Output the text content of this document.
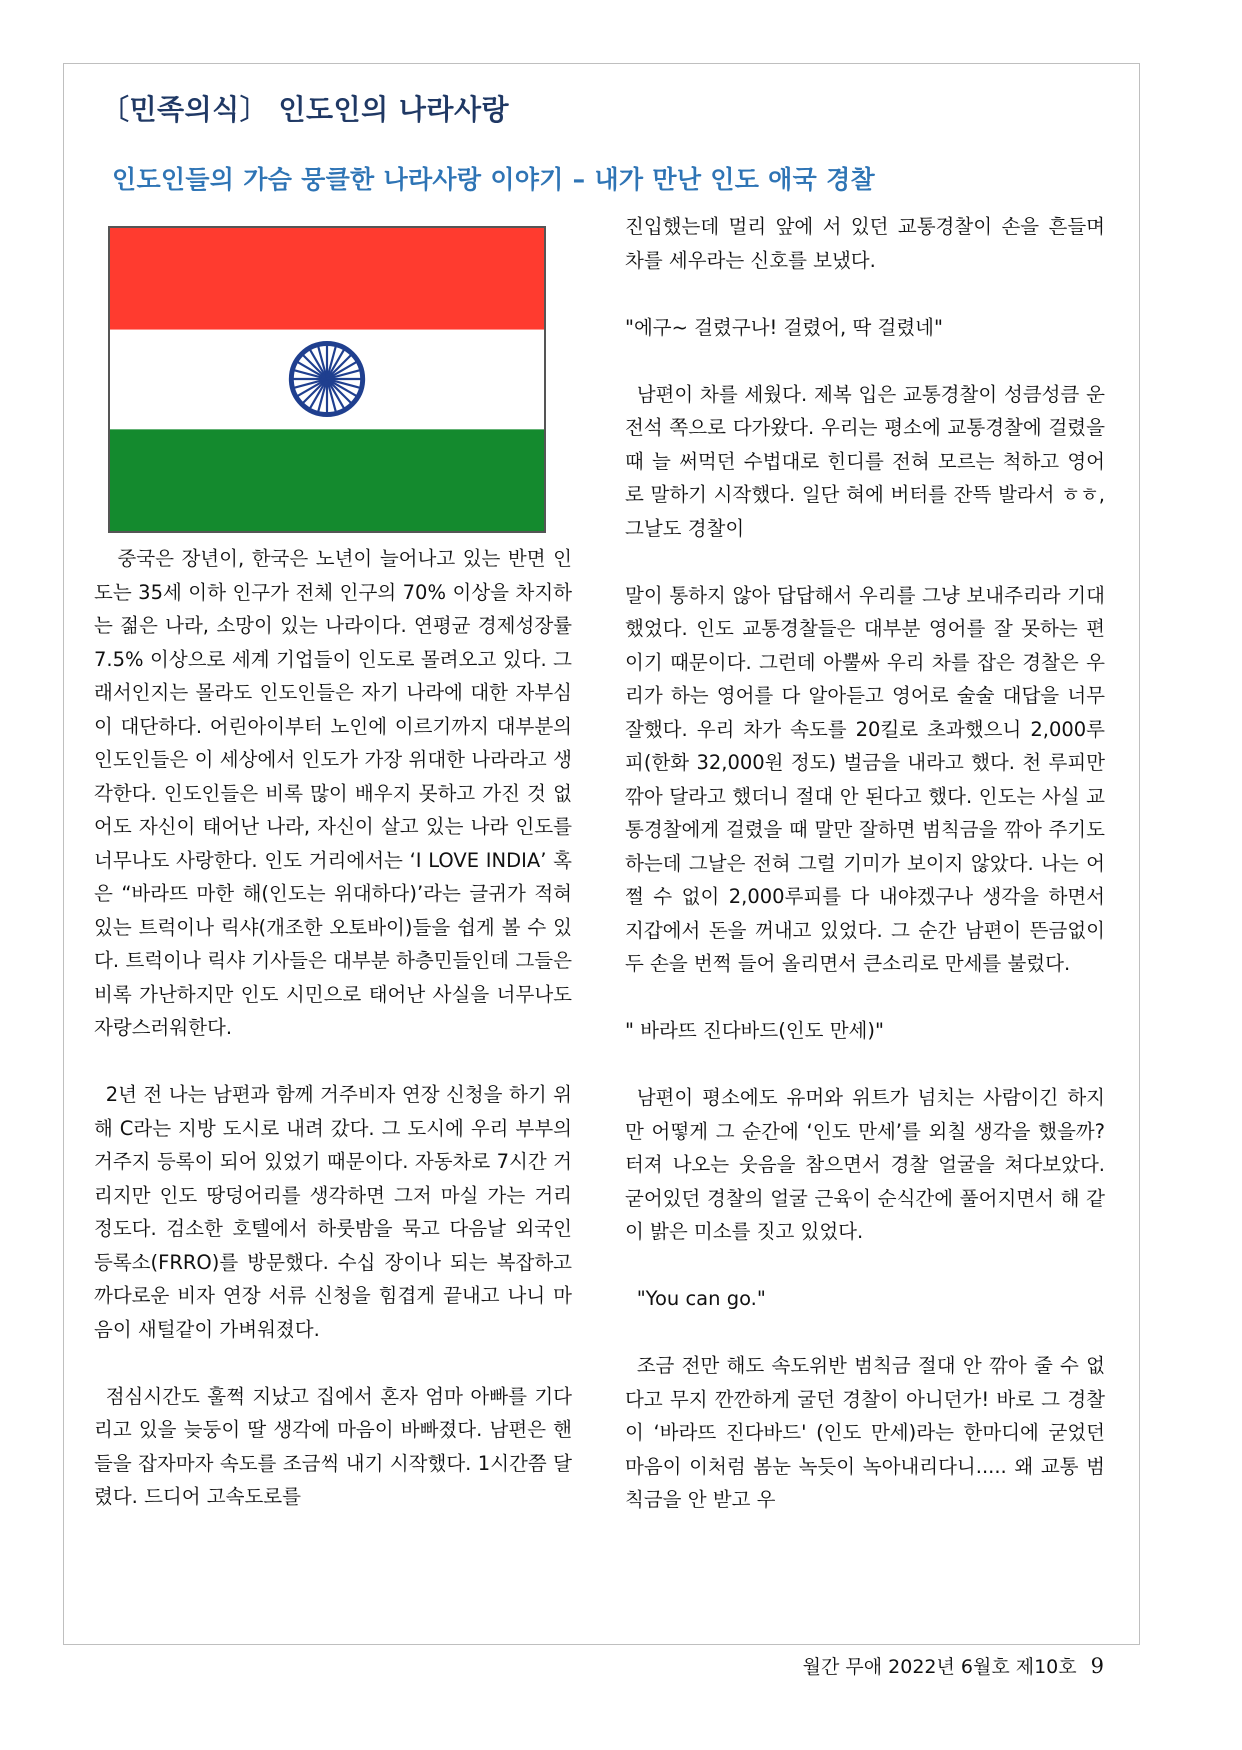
〔민족의식〕 인도인의 나라사랑
인도인들의 가슴 뭉클한 나라사랑 이야기 – 내가 만난 인도 애국 경찰

중국은 장년이, 한국은 노년이 늘어나고 있는 반면 인도는 35세 이하 인구가 전체 인구의 70% 이상을 차지하는 젊은 나라, 소망이 있는 나라이다. 연평균 경제성장률 7.5% 이상으로 세계 기업들이 인도로 몰려오고 있다. 그래서인지는 몰라도 인도인들은 자기 나라에 대한 자부심이 대단하다. 어린아이부터 노인에 이르기까지 대부분의 인도인들은 이 세상에서 인도가 가장 위대한 나라라고 생각한다. 인도인들은 비록 많이 배우지 못하고 가진 것 없어도 자신이 태어난 나라, 자신이 살고 있는 나라 인도를 너무나도 사랑한다. 인도 거리에서는 ‘I LOVE INDIA’ 혹은 “바라뜨 마한 해(인도는 위대하다)’라는 글귀가 적혀있는 트럭이나 릭샤(개조한 오토바이)들을 쉽게 볼 수 있다. 트럭이나 릭샤 기사들은 대부분 하층민들인데 그들은 비록 가난하지만 인도 시민으로 태어난 사실을 너무나도 자랑스러워한다.

2년 전 나는 남편과 함께 거주비자 연장 신청을 하기 위해 C라는 지방 도시로 내려 갔다. 그 도시에 우리 부부의 거주지 등록이 되어 있었기 때문이다. 자동차로 7시간 거리지만 인도 땅덩어리를 생각하면 그저 마실 가는 거리 정도다. 검소한 호텔에서 하룻밤을 묵고 다음날 외국인 등록소(FRRO)를 방문했다. 수십 장이나 되는 복잡하고 까다로운 비자 연장 서류 신청을 힘겹게 끝내고 나니 마음이 새털같이 가벼워졌다.

점심시간도 훌쩍 지났고 집에서 혼자 엄마 아빠를 기다리고 있을 늦둥이 딸 생각에 마음이 바빠졌다. 남편은 핸들을 잡자마자 속도를 조금씩 내기 시작했다. 1시간쯤 달렸다. 드디어 고속도로를

진입했는데 멀리 앞에 서 있던 교통경찰이 손을 흔들며 차를 세우라는 신호를 보냈다.

"에구~ 걸렸구나! 걸렸어, 딱 걸렸네"

남편이 차를 세웠다. 제복 입은 교통경찰이 성큼성큼 운전석 쪽으로 다가왔다. 우리는 평소에 교통경찰에 걸렸을 때 늘 써먹던 수법대로 힌디를 전혀 모르는 척하고 영어로 말하기 시작했다. 일단 혀에 버터를 잔뜩 발라서 ㅎㅎ, 그날도 경찰이

말이 통하지 않아 답답해서 우리를 그냥 보내주리라 기대했었다. 인도 교통경찰들은 대부분 영어를 잘 못하는 편이기 때문이다. 그런데 아뿔싸 우리 차를 잡은 경찰은 우리가 하는 영어를 다 알아듣고 영어로 술술 대답을 너무 잘했다. 우리 차가 속도를 20킬로 초과했으니 2,000루피(한화 32,000원 정도) 벌금을 내라고 했다. 천 루피만 깎아 달라고 했더니 절대 안 된다고 했다. 인도는 사실 교통경찰에게 걸렸을 때 말만 잘하면 범칙금을 깎아 주기도 하는데 그날은 전혀 그럴 기미가 보이지 않았다. 나는 어쩔 수 없이 2,000루피를 다 내야겠구나 생각을 하면서 지갑에서 돈을 꺼내고 있었다. 그 순간 남편이 뜬금없이 두 손을 번쩍 들어 올리면서 큰소리로 만세를 불렀다.

" 바라뜨 진다바드(인도 만세)"

남편이 평소에도 유머와 위트가 넘치는 사람이긴 하지만 어떻게 그 순간에 ‘인도 만세’를 외칠 생각을 했을까? 터져 나오는 웃음을 참으면서 경찰 얼굴을 쳐다보았다. 굳어있던 경찰의 얼굴 근육이 순식간에 풀어지면서 해 같이 밝은 미소를 짓고 있었다.

"You can go."

조금 전만 해도 속도위반 범칙금 절대 안 깎아 줄 수 없다고 무지 깐깐하게 굴던 경찰이 아니던가! 바로 그 경찰이 ‘바라뜨 진다바드' (인도 만세)라는 한마디에 굳었던 마음이 이처럼 봄눈 녹듯이 녹아내리다니..... 왜 교통 범칙금을 안 받고 우

월간 무애 2022년 6월호 제10호 9
